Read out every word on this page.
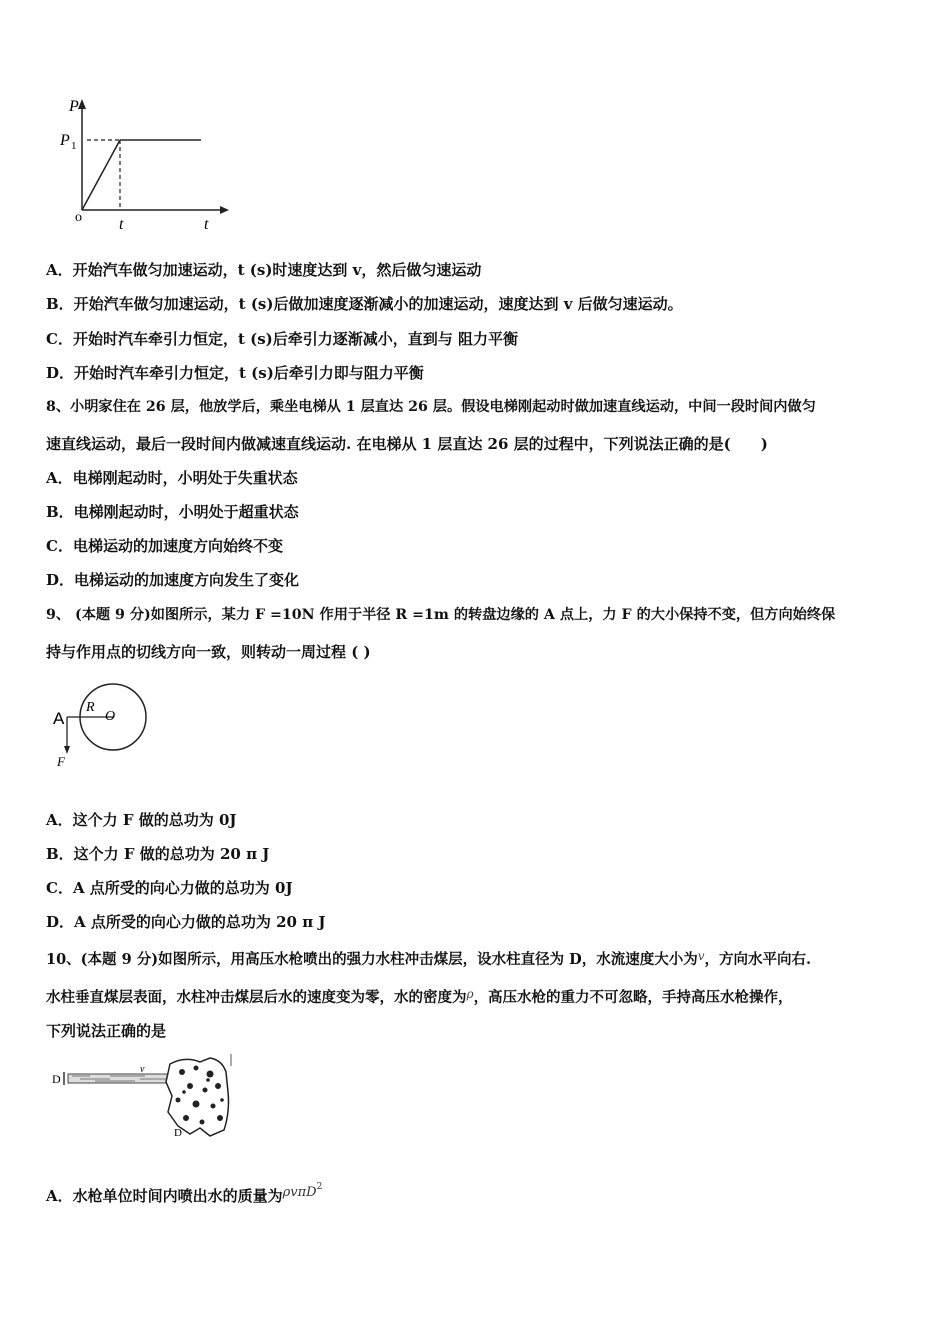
P
P 1
o t	t
A．开始汽车做匀加速运动，t (s)时速度达到 v，然后做匀速运动
B．开始汽车做匀加速运动，t (s)后做加速度逐渐减小的加速运动，速度达到 v 后做匀速运动。
C．开始时汽车牵引力恒定，t (s)后牵引力逐渐减小，直到与 阻力平衡
D．开始时汽车牵引力恒定，t (s)后牵引力即与阻力平衡
8、小明家住在 26 层，他放学后，乘坐电梯从 1 层直达 26 层。假设电梯刚起动时做加速直线运动，中间一段时间内做匀
速直线运动，最后一段时间内做减速直线运动. 在电梯从 1 层直达 26 层的过程中，下列说法正确的是(　　)
A．电梯刚起动时，小明处于失重状态
B．电梯刚起动时，小明处于超重状态
C．电梯运动的加速度方向始终不变
D．电梯运动的加速度方向发生了变化
9、 (本题 9 分)如图所示，某力 F =10N 作用于半径 R =1m 的转盘边缘的 A 点上，力 F 的大小保持不变，但方向始终保
持与作用点的切线方向一致，则转动一周过程 ( )
A
R
O
F
A．这个力 F 做的总功为 0J
B．这个力 F 做的总功为 20 π J
C．A 点所受的向心力做的总功为 0J
D．A 点所受的向心力做的总功为 20 π J
10、(本题 9 分)如图所示，用高压水枪喷出的强力水柱冲击煤层，设水柱直径为 D，水流速度大小为$^v$，方向水平向右.
水柱垂直煤层表面，水柱冲击煤层后水的速度变为零，水的密度为$^\rho$，高压水枪的重力不可忽略，手持高压水枪操作，
下列说法正确的是
D
v
D
A．水枪单位时间内喷出水的质量为ρvπD$^2$
